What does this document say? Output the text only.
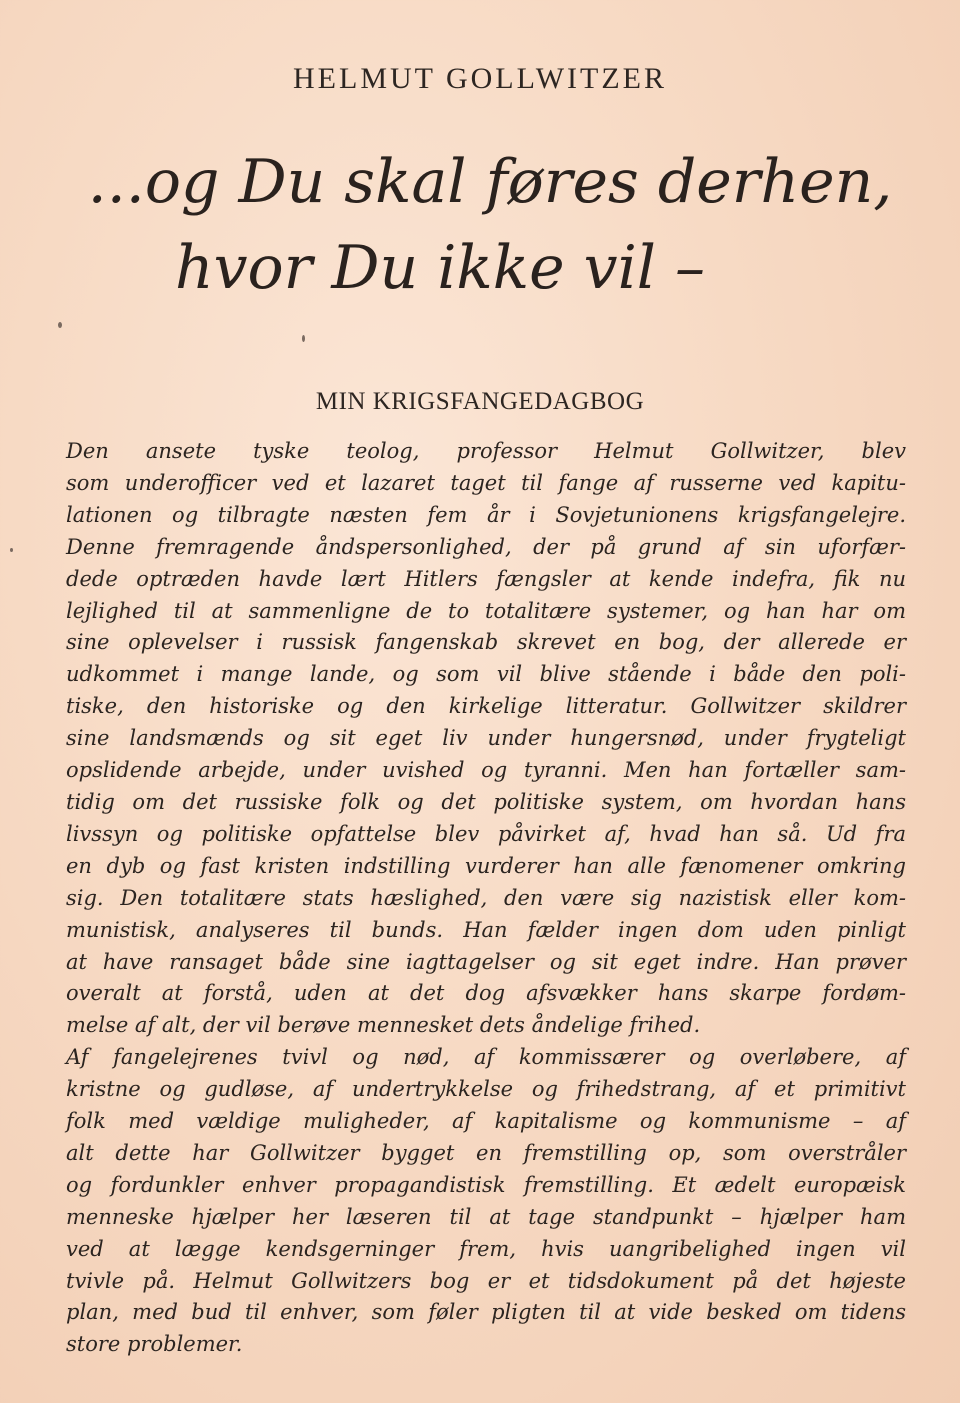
HELMUT GOLLWITZER
...og Du skal føres derhen,
hvor Du ikke vil –
MIN KRIGSFANGEDAGBOG
Den ansete tyske teolog, professor Helmut Gollwitzer, blev
som underofficer ved et lazaret taget til fange af russerne ved kapitu-
lationen og tilbragte næsten fem år i Sovjetunionens krigsfangelejre.
Denne fremragende åndspersonlighed, der på grund af sin uforfær-
dede optræden havde lært Hitlers fængsler at kende indefra, fik nu
lejlighed til at sammenligne de to totalitære systemer, og han har om
sine oplevelser i russisk fangenskab skrevet en bog, der allerede er
udkommet i mange lande, og som vil blive stående i både den poli-
tiske, den historiske og den kirkelige litteratur. Gollwitzer skildrer
sine landsmænds og sit eget liv under hungersnød, under frygteligt
opslidende arbejde, under uvished og tyranni. Men han fortæller sam-
tidig om det russiske folk og det politiske system, om hvordan hans
livssyn og politiske opfattelse blev påvirket af, hvad han så. Ud fra
en dyb og fast kristen indstilling vurderer han alle fænomener omkring
sig. Den totalitære stats hæslighed, den være sig nazistisk eller kom-
munistisk, analyseres til bunds. Han fælder ingen dom uden pinligt
at have ransaget både sine iagttagelser og sit eget indre. Han prøver
overalt at forstå, uden at det dog afsvækker hans skarpe fordøm-
melse af alt, der vil berøve mennesket dets åndelige frihed.
Af fangelejrenes tvivl og nød, af kommissærer og overløbere, af
kristne og gudløse, af undertrykkelse og frihedstrang, af et primitivt
folk med vældige muligheder, af kapitalisme og kommunisme – af
alt dette har Gollwitzer bygget en fremstilling op, som overstråler
og fordunkler enhver propagandistisk fremstilling. Et ædelt europæisk
menneske hjælper her læseren til at tage standpunkt – hjælper ham
ved at lægge kendsgerninger frem, hvis uangribelighed ingen vil
tvivle på. Helmut Gollwitzers bog er et tidsdokument på det højeste
plan, med bud til enhver, som føler pligten til at vide besked om tidens
store problemer.
